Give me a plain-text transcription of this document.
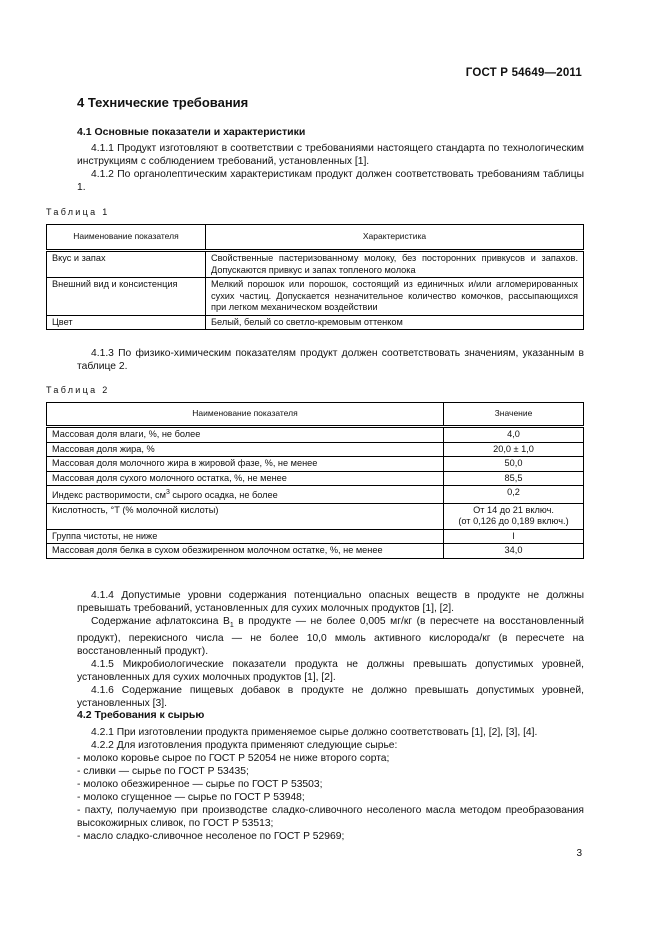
ГОСТ Р 54649—2011
4 Технические требования
4.1 Основные показатели и характеристики

4.1.1 Продукт изготовляют в соответствии с требованиями настоящего стандарта по технологическим инструкциям с соблюдением требований, установленных [1].

4.1.2 По органолептическим характеристикам продукт должен соответствовать требованиям таблицы 1.

Таблица 1
Наименование показателя	Характеристика
Вкус и запах	Свойственные пастеризованному молоку, без посторонних привкусов и запахов. Допускаются привкус и запах топленого молока
Внешний вид и консистенция	Мелкий порошок или порошок, состоящий из единичных и/или агломерированных сухих частиц. Допускается незначительное количество комочков, рассыпающихся при легком механическом воздействии
Цвет	Белый, белый со светло-кремовым оттенком

4.1.3 По физико-химическим показателям продукт должен соответствовать значениям, указанным в таблице 2.

Таблица 2
Наименование показателя	Значение
Массовая доля влаги, %, не более	4,0
Массовая доля жира, %	20,0 ± 1,0
Массовая доля молочного жира в жировой фазе, %, не менее	50,0
Массовая доля сухого молочного остатка, %, не менее	85,5
Индекс растворимости, $см^3$ сырого осадка, не более	0,2
Кислотность, °Т (% молочной кислоты)	От 14 до 21 включ.
(от 0,126 до 0,189 включ.)

Группа чистоты, не ниже	I
Массовая доля белка в сухом обезжиренном молочном остатке, %, не менее	34,0

4.1.4 Допустимые уровни содержания потенциально опасных веществ в продукте не должны превышать требований, установленных для сухих молочных продуктов [1], [2].

Содержание афлатоксина $B_1$ в продукте — не более 0,005 мг/кг (в пересчете на восстановленный продукт), перекисного числа — не более 10,0 ммоль активного кислорода/кг (в пересчете на восстановленный продукт).

4.1.5 Микробиологические показатели продукта не должны превышать допустимых уровней, установленных для сухих молочных продуктов [1], [2].

4.1.6 Содержание пищевых добавок в продукте не должно превышать допустимых уровней, установленных [3].

4.2 Требования к сырью

4.2.1 При изготовлении продукта применяемое сырье должно соответствовать [1], [2], [3], [4].

4.2.2 Для изготовления продукта применяют следующие сырье:

- молоко коровье сырое по ГОСТ Р 52054 не ниже второго сорта;

- сливки — сырье по ГОСТ Р 53435;

- молоко обезжиренное — сырье по ГОСТ Р 53503;

- молоко сгущенное — сырье по ГОСТ Р 53948;

- пахту, получаемую при производстве сладко-сливочного несоленого масла методом преобразования высокожирных сливок, по ГОСТ Р 53513;

- масло сладко-сливочное несоленое по ГОСТ Р 52969;

3
